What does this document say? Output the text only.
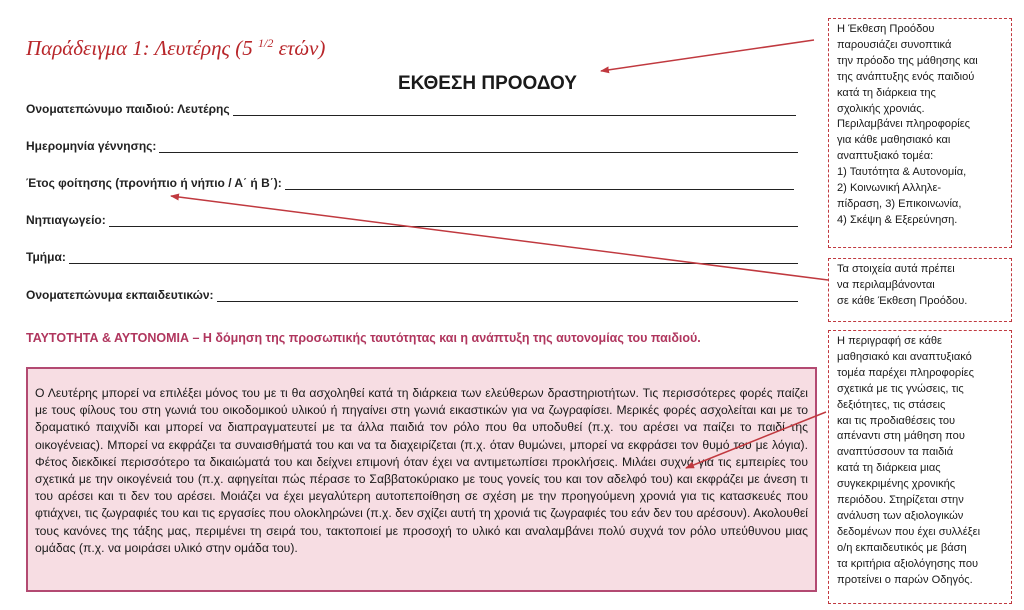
Παράδειγμα 1: Λευτέρης (5 $^{1/2}$ ετών)
ΕΚΘΕΣΗ ΠΡΟΟΔΟΥ
Ονοματεπώνυμο παιδιού: Λευτέρης
Ημερομηνία γέννησης:
Έτος φοίτησης (προνήπιο ή νήπιο / Α΄ ή Β΄):
Νηπιαγωγείο:
Τμήμα:
Ονοματεπώνυμα εκπαιδευτικών:
ΤΑΥΤΟΤΗΤΑ & ΑΥΤΟΝΟΜΙΑ – Η δόμηση της προσωπικής ταυτότητας και η ανάπτυξη της αυτονομίας του παιδιού.
Ο Λευτέρης μπορεί να επιλέξει μόνος του με τι θα ασχοληθεί κατά τη διάρκεια των ελεύθερων δραστηριοτήτων. Τις περισσότερες φορές παίζει με τους φίλους του στη γωνιά του οικοδομικού υλικού ή πηγαίνει στη γωνιά εικαστικών για να ζωγραφίσει. Μερικές φορές ασχολείται και με το δραματικό παιχνίδι και μπορεί να διαπραγματευτεί με τα άλλα παιδιά τον ρόλο που θα υποδυθεί (π.χ. του αρέσει να παίζει το παιδί της οικογένειας). Μπορεί να εκφράζει τα συναισθήματά του και να τα διαχειρίζεται (π.χ. όταν θυμώνει, μπορεί να εκφράσει τον θυμό του με λόγια). Φέτος διεκδικεί περισσότερο τα δικαιώματά του και δείχνει επιμονή όταν έχει να αντιμετωπίσει προκλήσεις. Μιλάει συχνά για τις εμπειρίες του σχετικά με την οικογένειά του (π.χ. αφηγείται πώς πέρασε το Σαββατοκύριακο με τους γονείς του και τον αδελφό του) και εκφράζει με άνεση τι του αρέσει και τι δεν του αρέσει. Μοιάζει να έχει μεγαλύτερη αυτοπεποίθηση σε σχέση με την προηγούμενη χρονιά για τις κατασκευές που φτιάχνει, τις ζωγραφιές του και τις εργασίες που ολοκληρώνει (π.χ. δεν σχίζει αυτή τη χρονιά τις ζωγραφιές του εάν δεν του αρέσουν). Ακολουθεί τους κανόνες της τάξης μας, περιμένει τη σειρά του, τακτοποιεί με προσοχή το υλικό και αναλαμβάνει πολύ συχνά τον ρόλο υπεύθυνου μιας ομάδας (π.χ. να μοιράσει υλικό στην ομάδα του).

Η Έκθεση Προόδου

παρουσιάζει συνοπτικά

την πρόοδο της μάθησης και

της ανάπτυξης ενός παιδιού

κατά τη διάρκεια της

σχολικής χρονιάς.

Περιλαμβάνει πληροφορίες

για κάθε μαθησιακό και

αναπτυξιακό τομέα:

1) Ταυτότητα & Αυτονομία,

2) Κοινωνική Αλληλε-

πίδραση, 3) Επικοινωνία,

4) Σκέψη & Εξερεύνηση.

Τα στοιχεία αυτά πρέπει

να περιλαμβάνονται

σε κάθε Έκθεση Προόδου.

Η περιγραφή σε κάθε

μαθησιακό και αναπτυξιακό

τομέα παρέχει πληροφορίες

σχετικά με τις γνώσεις, τις

δεξιότητες, τις στάσεις

και τις προδιαθέσεις του

απέναντι στη μάθηση που

αναπτύσσουν τα παιδιά

κατά τη διάρκεια μιας

συγκεκριμένης χρονικής

περιόδου. Στηρίζεται στην

ανάλυση των αξιολογικών

δεδομένων που έχει συλλέξει

ο/η εκπαιδευτικός με βάση

τα κριτήρια αξιολόγησης που

προτείνει ο παρών Οδηγός.
